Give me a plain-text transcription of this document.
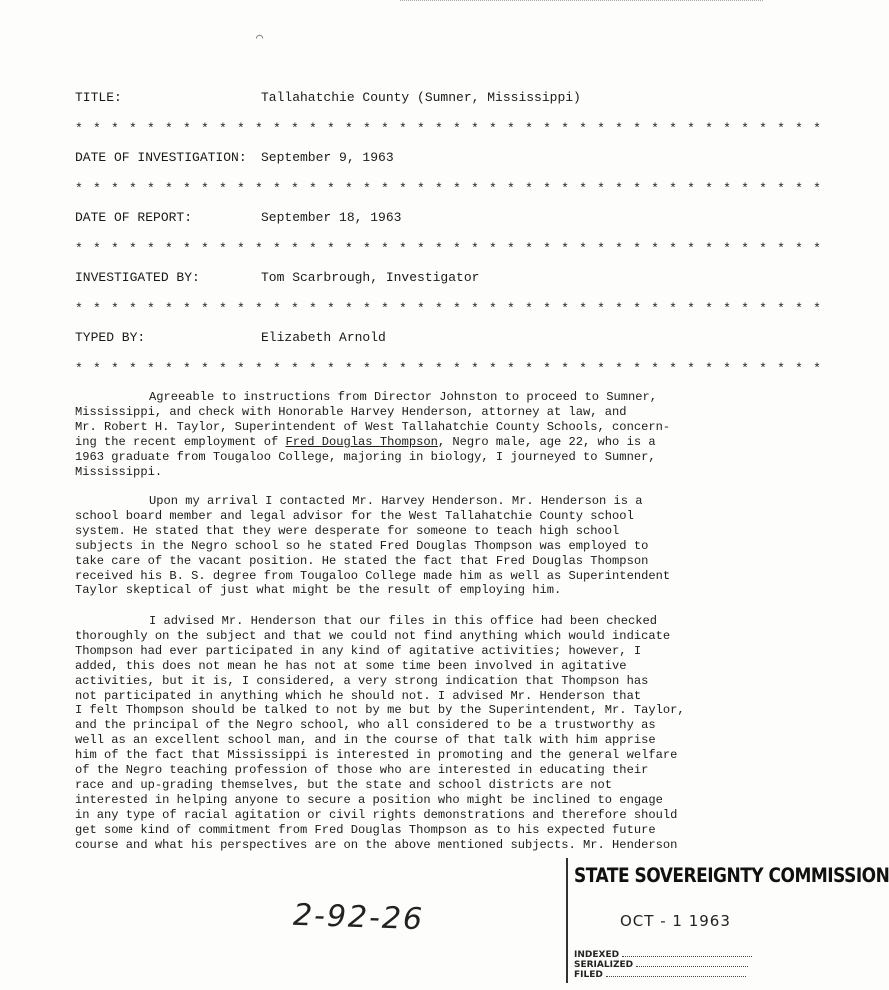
⌒
TITLE:	Tallahatchie County (Sumner, Mississippi)
* * * * * * * * * * * * * * * * * * * * * * * * * * * * * * * * * * * * * * * * * *
DATE OF INVESTIGATION: September 9, 1963
* * * * * * * * * * * * * * * * * * * * * * * * * * * * * * * * * * * * * * * * * *
DATE OF REPORT:	September 18, 1963
* * * * * * * * * * * * * * * * * * * * * * * * * * * * * * * * * * * * * * * * * *
INVESTIGATED BY:	Tom Scarbrough, Investigator
* * * * * * * * * * * * * * * * * * * * * * * * * * * * * * * * * * * * * * * * * *
TYPED BY:	Elizabeth Arnold
* * * * * * * * * * * * * * * * * * * * * * * * * * * * * * * * * * * * * * * * * *
Agreeable to instructions from Director Johnston to proceed to Sumner,
Mississippi, and check with Honorable Harvey Henderson, attorney at law, and
Mr. Robert H. Taylor, Superintendent of West Tallahatchie County Schools, concern-
ing the recent employment of Fred Douglas Thompson, Negro male, age 22, who is a
1963 graduate from Tougaloo College, majoring in biology, I journeyed to Sumner,
Mississippi.
Upon my arrival I contacted Mr. Harvey Henderson. Mr. Henderson is a
school board member and legal advisor for the West Tallahatchie County school
system. He stated that they were desperate for someone to teach high school
subjects in the Negro school so he stated Fred Douglas Thompson was employed to
take care of the vacant position. He stated the fact that Fred Douglas Thompson
received his B. S. degree from Tougaloo College made him as well as Superintendent
Taylor skeptical of just what might be the result of employing him.
I advised Mr. Henderson that our files in this office had been checked
thoroughly on the subject and that we could not find anything which would indicate
Thompson had ever participated in any kind of agitative activities; however, I
added, this does not mean he has not at some time been involved in agitative
activities, but it is, I considered, a very strong indication that Thompson has
not participated in anything which he should not. I advised Mr. Henderson that
I felt Thompson should be talked to not by me but by the Superintendent, Mr. Taylor,
and the principal of the Negro school, who all considered to be a trustworthy as
well as an excellent school man, and in the course of that talk with him apprise
him of the fact that Mississippi is interested in promoting and the general welfare
of the Negro teaching profession of those who are interested in educating their
race and up-grading themselves, but the state and school districts are not
interested in helping anyone to secure a position who might be inclined to engage
in any type of racial agitation or civil rights demonstrations and therefore should
get some kind of commitment from Fred Douglas Thompson as to his expected future
course and what his perspectives are on the above mentioned subjects. Mr. Henderson
2-92-26
STATE SOVEREIGNTY COMMISSION
OCT - 1 1963
INDEXED
SERIALIZED
FILED
